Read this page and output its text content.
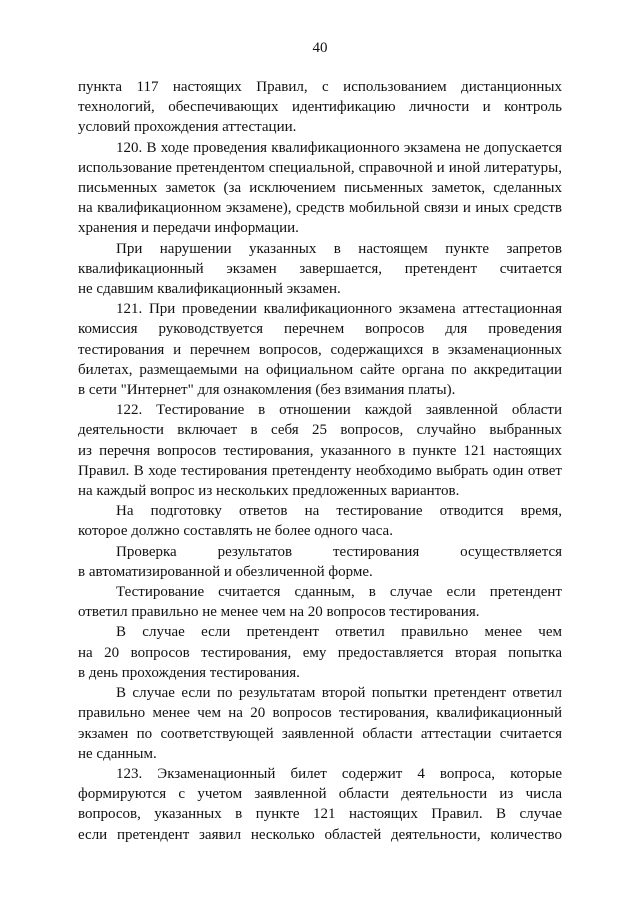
40

пункта 117 настоящих Правил, с использованием дистанционных
технологий, обеспечивающих идентификацию личности и контроль
условий прохождения аттестации.

120. В ходе проведения квалификационного экзамена не допускается
использование претендентом специальной, справочной и иной литературы,
письменных заметок (за исключением письменных заметок, сделанных
на квалификационном экзамене), средств мобильной связи и иных средств
хранения и передачи информации.

При нарушении указанных в настоящем пункте запретов
квалификационный экзамен завершается, претендент считается
не сдавшим квалификационный экзамен.

121. При проведении квалификационного экзамена аттестационная
комиссия руководствуется перечнем вопросов для проведения
тестирования и перечнем вопросов, содержащихся в экзаменационных
билетах, размещаемыми на официальном сайте органа по аккредитации
в сети "Интернет" для ознакомления (без взимания платы).

122. Тестирование в отношении каждой заявленной области
деятельности включает в себя 25 вопросов, случайно выбранных
из перечня вопросов тестирования, указанного в пункте 121 настоящих
Правил. В ходе тестирования претенденту необходимо выбрать один ответ
на каждый вопрос из нескольких предложенных вариантов.

На подготовку ответов на тестирование отводится время,
которое должно составлять не более одного часа.

Проверка результатов тестирования осуществляется
в автоматизированной и обезличенной форме.

Тестирование считается сданным, в случае если претендент
ответил правильно не менее чем на 20 вопросов тестирования.

В случае если претендент ответил правильно менее чем
на 20 вопросов тестирования, ему предоставляется вторая попытка
в день прохождения тестирования.

В случае если по результатам второй попытки претендент ответил
правильно менее чем на 20 вопросов тестирования, квалификационный
экзамен по соответствующей заявленной области аттестации считается
не сданным.

123. Экзаменационный билет содержит 4 вопроса, которые
формируются с учетом заявленной области деятельности из числа
вопросов, указанных в пункте 121 настоящих Правил. В случае
если претендент заявил несколько областей деятельности, количество
